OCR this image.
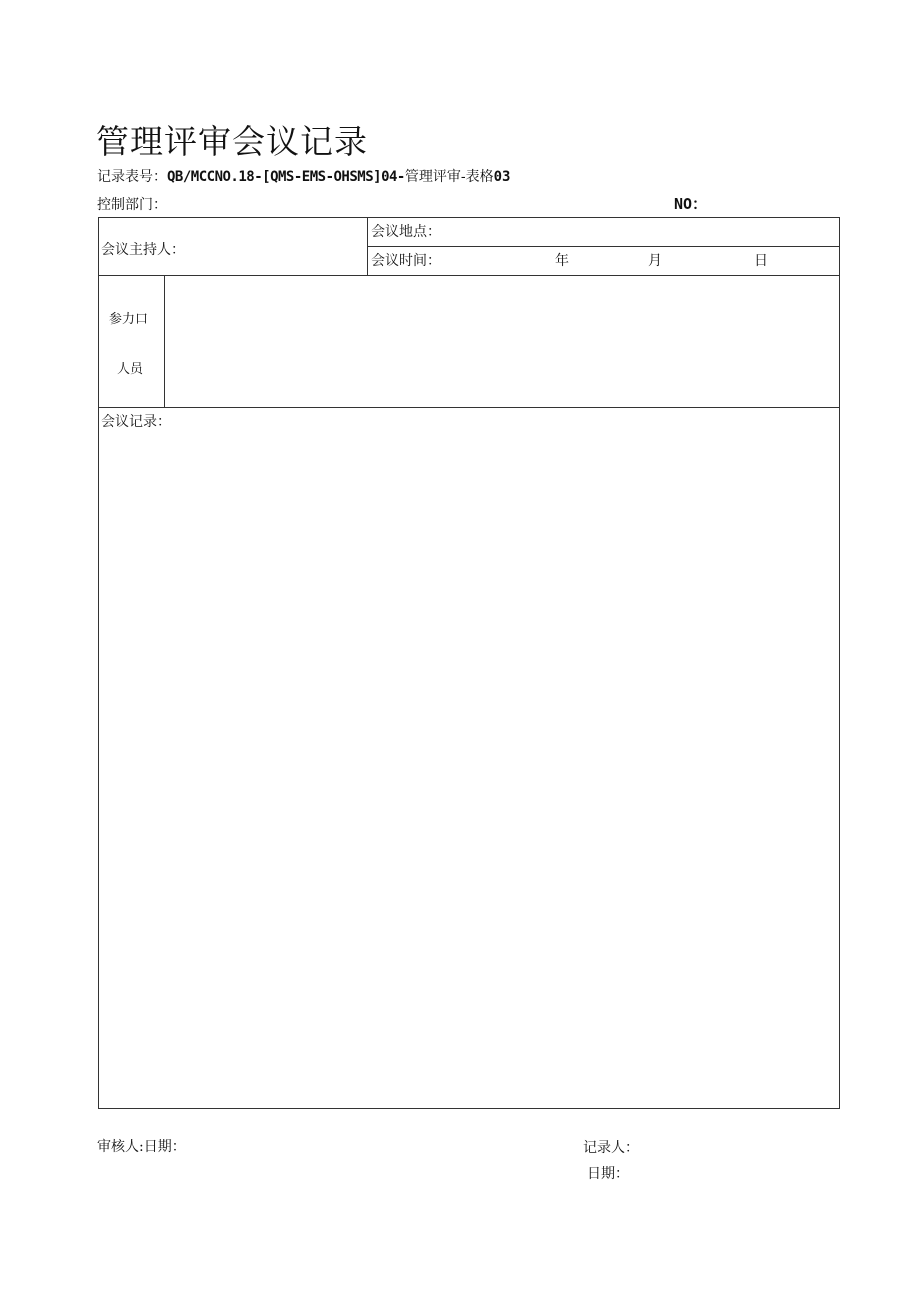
管理评审会议记录
记录表号：QB/MCCNO.18-[QMS-EMS-OHSMS]04-管理评审-表格03
控制部门：	NO：
会议主持人：
会议地点：
会议时间：	年	月	日
参力口
人员
会议记录：
审核人:日期：	记录人：
日期：
